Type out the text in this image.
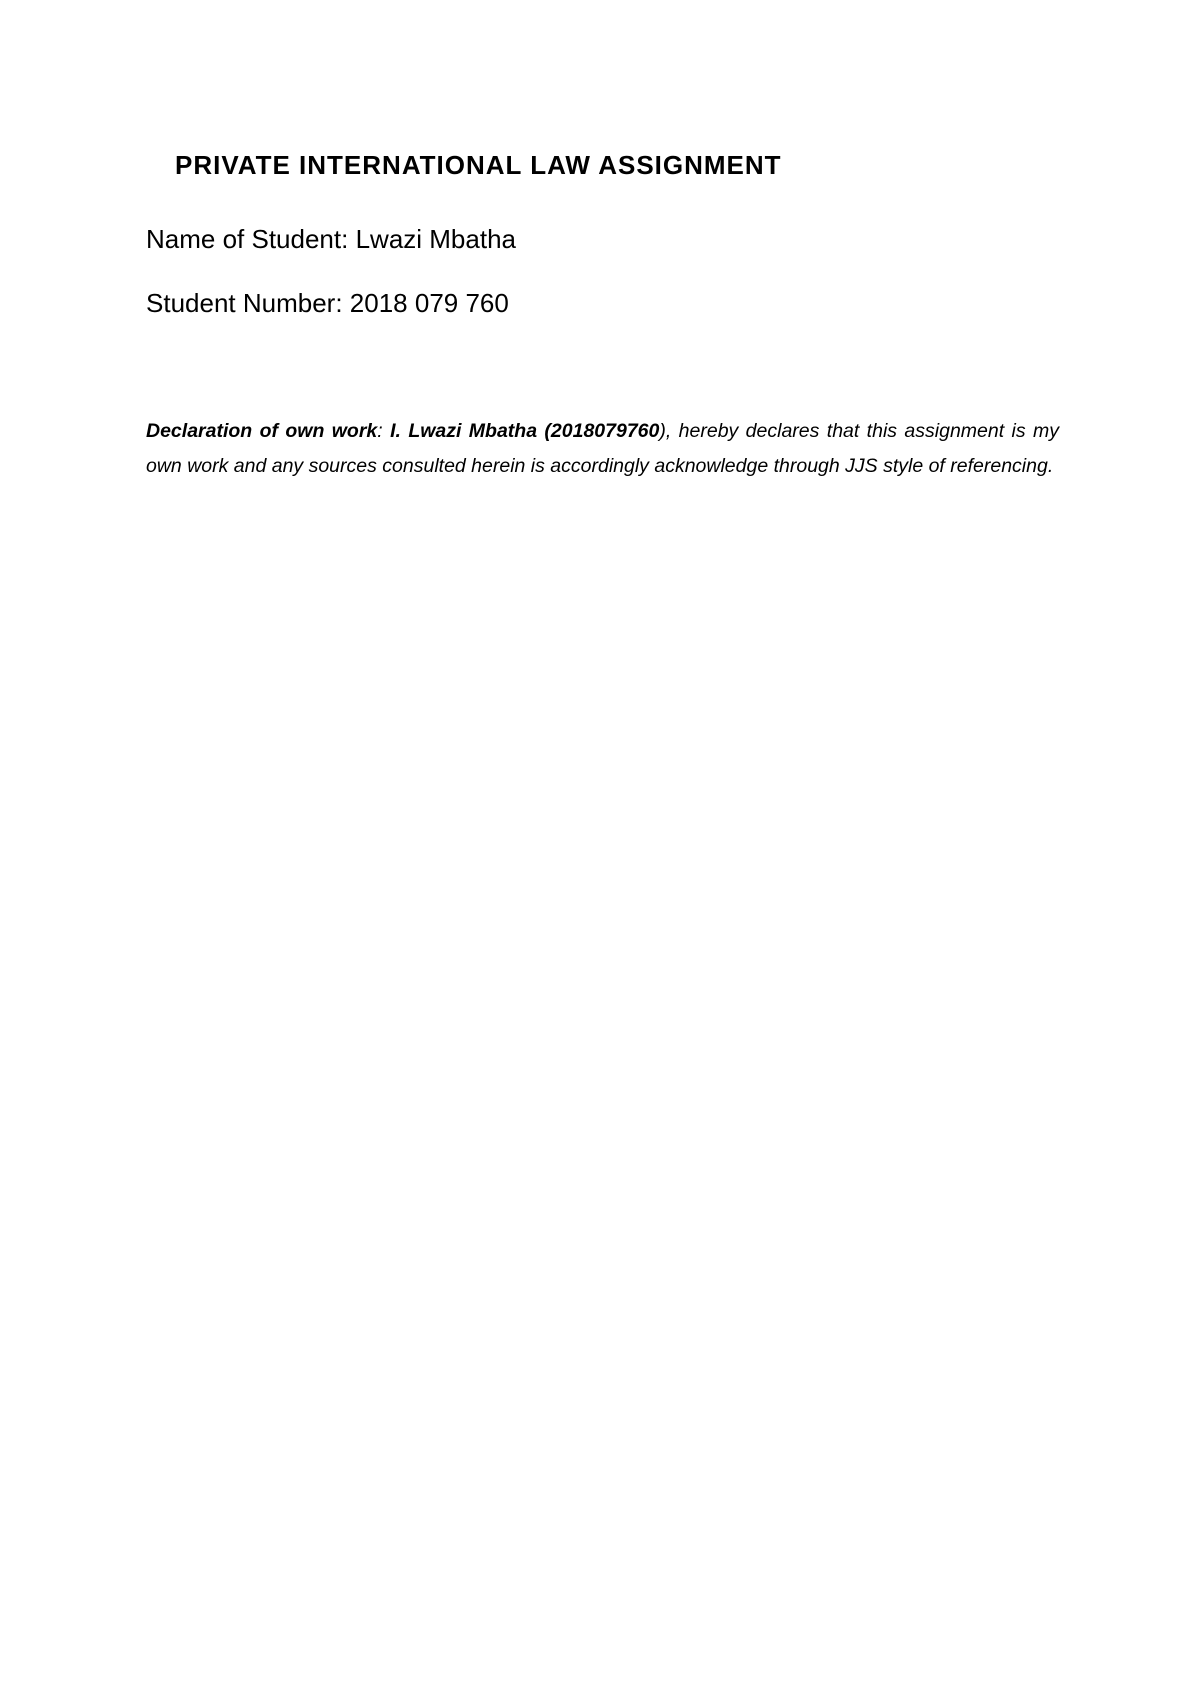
PRIVATE INTERNATIONAL LAW ASSIGNMENT

Name of Student: Lwazi Mbatha

Student Number: 2018 079 760

Declaration of own work: I. Lwazi Mbatha (2018079760), hereby declares that this assignment is my own work and any sources consulted herein is accordingly acknowledge through JJS style of referencing.
